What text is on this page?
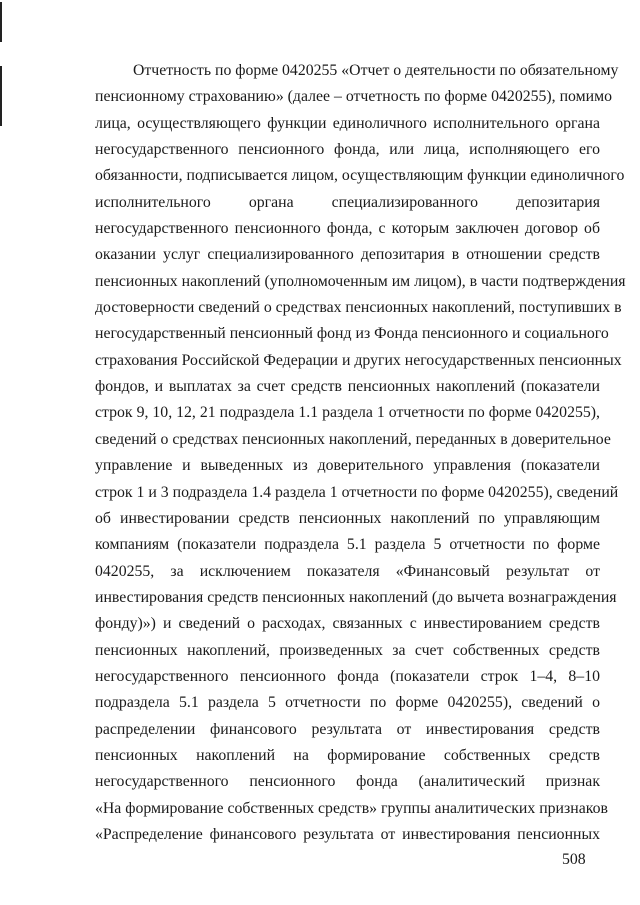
Отчетность по форме 0420255 «Отчет о деятельности по обязательному
пенсионному страхованию» (далее – отчетность по форме 0420255), помимо
лица, осуществляющего функции единоличного исполнительного органа
негосударственного пенсионного фонда, или лица, исполняющего его
обязанности, подписывается лицом, осуществляющим функции единоличного
исполнительного органа специализированного депозитария
негосударственного пенсионного фонда, с которым заключен договор об
оказании услуг специализированного депозитария в отношении средств
пенсионных накоплений (уполномоченным им лицом), в части подтверждения
достоверности сведений о средствах пенсионных накоплений, поступивших в
негосударственный пенсионный фонд из Фонда пенсионного и социального
страхования Российской Федерации и других негосударственных пенсионных
фондов, и выплатах за счет средств пенсионных накоплений (показатели
строк 9, 10, 12, 21 подраздела 1.1 раздела 1 отчетности по форме 0420255),
сведений о средствах пенсионных накоплений, переданных в доверительное
управление и выведенных из доверительного управления (показатели
строк 1 и 3 подраздела 1.4 раздела 1 отчетности по форме 0420255), сведений
об инвестировании средств пенсионных накоплений по управляющим
компаниям (показатели подраздела 5.1 раздела 5 отчетности по форме
0420255, за исключением показателя «Финансовый результат от
инвестирования средств пенсионных накоплений (до вычета вознаграждения
фонду)») и сведений о расходах, связанных с инвестированием средств
пенсионных накоплений, произведенных за счет собственных средств
негосударственного пенсионного фонда (показатели строк 1–4, 8–10
подраздела 5.1 раздела 5 отчетности по форме 0420255), сведений о
распределении финансового результата от инвестирования средств
пенсионных накоплений на формирование собственных средств
негосударственного пенсионного фонда (аналитический признак
«На формирование собственных средств» группы аналитических признаков
«Распределение финансового результата от инвестирования пенсионных
508
